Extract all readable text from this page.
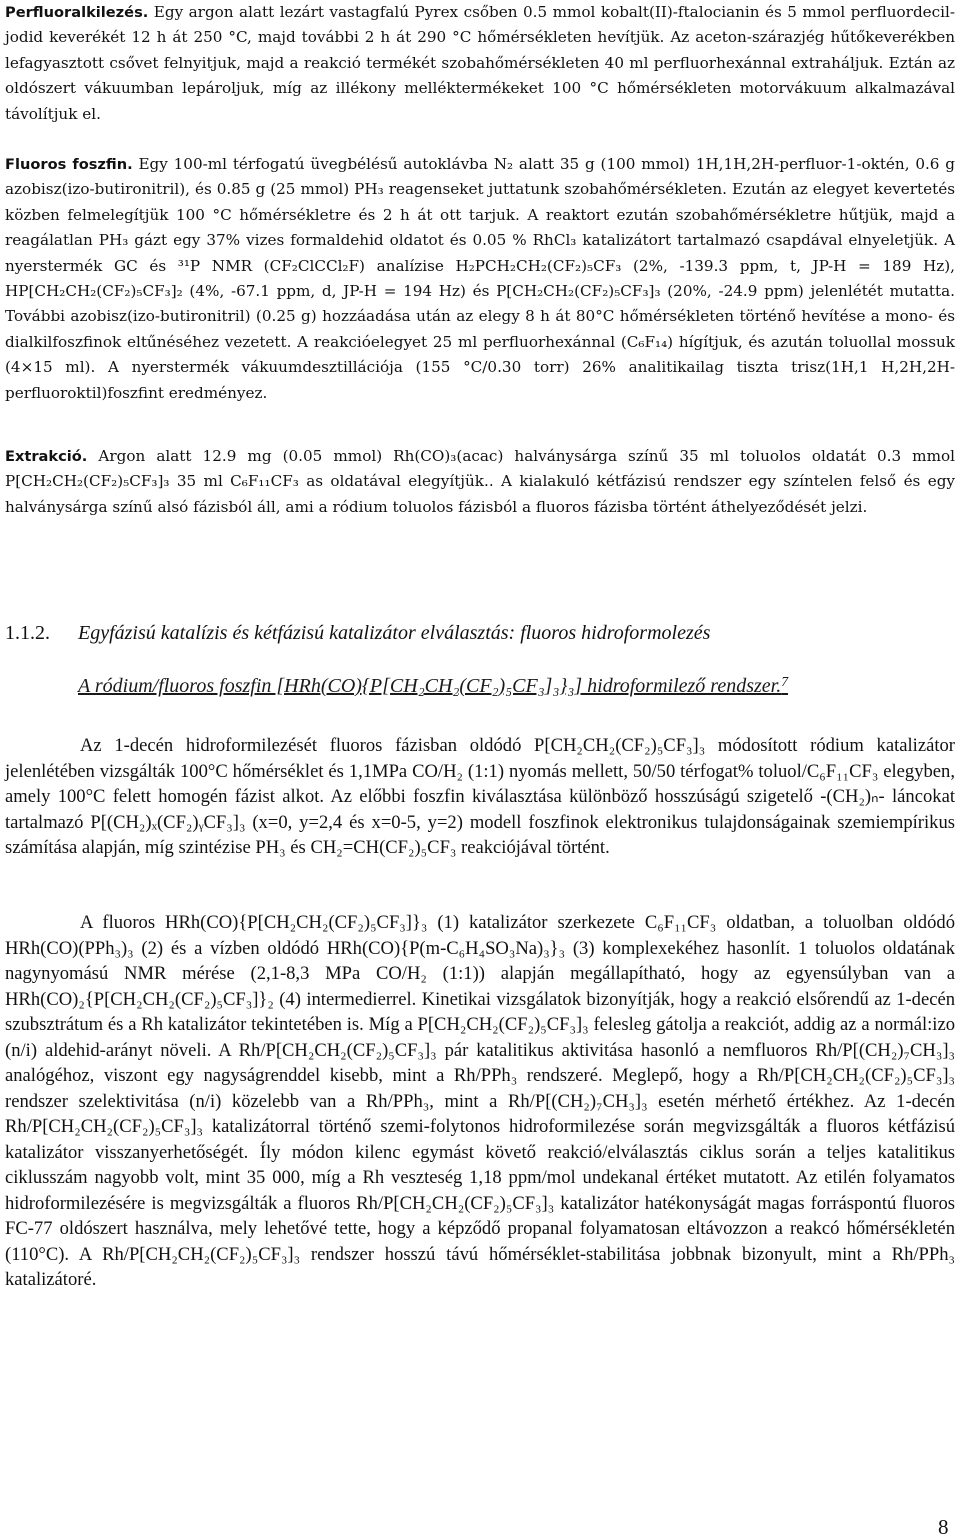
Perfluoralkilezés. Egy argon alatt lezárt vastagfalú Pyrex csőben 0.5 mmol kobalt(II)-ftalocianin és 5 mmol perfluordecil-jodid keverékét 12 h át 250 °C, majd további 2 h át 290 °C hőmérsékleten hevítjük. Az aceton-szárazjég hűtőkeverékben lefagyasztott csővet felnyitjuk, majd a reakció termékét szobahőmérsékleten 40 ml perfluorhexánnal extraháljuk. Eztán az oldószert vákuumban lepároljuk, míg az illékony melléktermékeket 100 °C hőmérsékleten motorvákuum alkalmazával távolítjuk el.

Fluoros foszfin. Egy 100-ml térfogatú üvegbélésű autoklávba N₂ alatt 35 g (100 mmol) 1H,1H,2H-perfluor-1-oktén, 0.6 g azobisz(izo-butironitril), és 0.85 g (25 mmol) PH₃ reagenseket juttatunk szobahőmérsékleten. Ezután az elegyet kevertetés közben felmelegítjük 100 °C hőmérsékletre és 2 h át ott tarjuk. A reaktort ezután szobahőmérsékletre hűtjük, majd a reagálatlan PH₃ gázt egy 37% vizes formaldehid oldatot és 0.05 % RhCl₃ katalizátort tartalmazó csapdával elnyeletjük. A nyerstermék GC és ³¹P NMR (CF₂ClCCl₂F) analízise H₂PCH₂CH₂(CF₂)₅CF₃ (2%, -139.3 ppm, t, JP-H = 189 Hz), HP[CH₂CH₂(CF₂)₅CF₃]₂ (4%, -67.1 ppm, d, JP-H = 194 Hz) és P[CH₂CH₂(CF₂)₅CF₃]₃ (20%, -24.9 ppm) jelenlétét mutatta. További azobisz(izo-butironitril) (0.25 g) hozzáadása után az elegy 8 h át 80°C hőmérsékleten történő hevítése a mono- és dialkilfoszfinok eltűnéséhez vezetett. A reakcióelegyet 25 ml perfluorhexánnal (C₆F₁₄) hígítjuk, és azután toluollal mossuk (4×15 ml). A nyerstermék vákuumdesztillációja (155 °C/0.30 torr) 26% analitikailag tiszta trisz(1H,1 H,2H,2H-perfluoroktil)foszfint eredményez.

Extrakció. Argon alatt 12.9 mg (0.05 mmol) Rh(CO)₃(acac) halványsárga színű 35 ml toluolos oldatát 0.3 mmol P[CH₂CH₂(CF₂)₅CF₃]₃ 35 ml C₆F₁₁CF₃ as oldatával elegyítjük.. A kialakuló kétfázisú rendszer egy színtelen felső és egy halványsárga színű alsó fázisból áll, ami a ródium toluolos fázisból a fluoros fázisba történt áthelyeződését jelzi.

1.1.2. Egyfázisú katalízis és kétfázisú katalizátor elválasztás: fluoros hidroformolezés
A ródium/fluoros foszfin [HRh(CO){P[CH₂CH₂(CF₂)₅CF₃]₃}₃] hidroformilező rendszer.$^7$

Az 1-decén hidroformilezését fluoros fázisban oldódó P[CH₂CH₂(CF₂)₅CF₃]₃ módosított ródium katalizátor jelenlétében vizsgálták 100°C hőmérséklet és 1,1MPa CO/H₂ (1:1) nyomás mellett, 50/50 térfogat% toluol/C₆F₁₁CF₃ elegyben, amely 100°C felett homogén fázist alkot. Az előbbi foszfin kiválasztása különböző hosszúságú szigetelő -(CH₂)ₙ- láncokat tartalmazó P[(CH₂)ₓ(CF₂)ᵧCF₃]₃ (x=0, y=2,4 és x=0-5, y=2) modell foszfinok elektronikus tulajdonságainak szemiempírikus számítása alapján, míg szintézise PH₃ és CH₂=CH(CF₂)₅CF₃ reakciójával történt.

A fluoros HRh(CO){P[CH₂CH₂(CF₂)₅CF₃]}₃ (1) katalizátor szerkezete C₆F₁₁CF₃ oldatban, a toluolban oldódó HRh(CO)(PPh₃)₃ (2) és a vízben oldódó HRh(CO){P(m-C₆H₄SO₃Na)₃}₃ (3) komplexekéhez hasonlít. 1 toluolos oldatának nagynyomású NMR mérése (2,1-8,3 MPa CO/H₂ (1:1)) alapján megállapítható, hogy az egyensúlyban van a HRh(CO)₂{P[CH₂CH₂(CF₂)₅CF₃]}₂ (4) intermedierrel. Kinetikai vizsgálatok bizonyítják, hogy a reakció elsőrendű az 1-decén szubsztrátum és a Rh katalizátor tekintetében is. Míg a P[CH₂CH₂(CF₂)₅CF₃]₃ felesleg gátolja a reakciót, addig az a normál:izo (n/i) aldehid-arányt növeli. A Rh/P[CH₂CH₂(CF₂)₅CF₃]₃ pár katalitikus aktivitása hasonló a nemfluoros Rh/P[(CH₂)₇CH₃]₃ analógéhoz, viszont egy nagyságrenddel kisebb, mint a Rh/PPh₃ rendszeré. Meglepő, hogy a Rh/P[CH₂CH₂(CF₂)₅CF₃]₃ rendszer szelektivitása (n/i) közelebb van a Rh/PPh₃, mint a Rh/P[(CH₂)₇CH₃]₃ esetén mérhető értékhez. Az 1-decén Rh/P[CH₂CH₂(CF₂)₅CF₃]₃ katalizátorral történő szemi-folytonos hidroformilezése során megvizsgálták a fluoros kétfázisú katalizátor visszanyerhetőségét. Íly módon kilenc egymást követő reakció/elválasztás ciklus során a teljes katalitikus ciklusszám nagyobb volt, mint 35 000, míg a Rh veszteség 1,18 ppm/mol undekanal értéket mutatott. Az etilén folyamatos hidroformilezésére is megvizsgálták a fluoros Rh/P[CH₂CH₂(CF₂)₅CF₃]₃ katalizátor hatékonyságát magas forráspontú fluoros FC-77 oldószert használva, mely lehetővé tette, hogy a képződő propanal folyamatosan eltávozzon a reakcó hőmérsékletén (110°C). A Rh/P[CH₂CH₂(CF₂)₅CF₃]₃ rendszer hosszú távú hőmérséklet-stabilitása jobbnak bizonyult, mint a Rh/PPh₃ katalizátoré.

8
